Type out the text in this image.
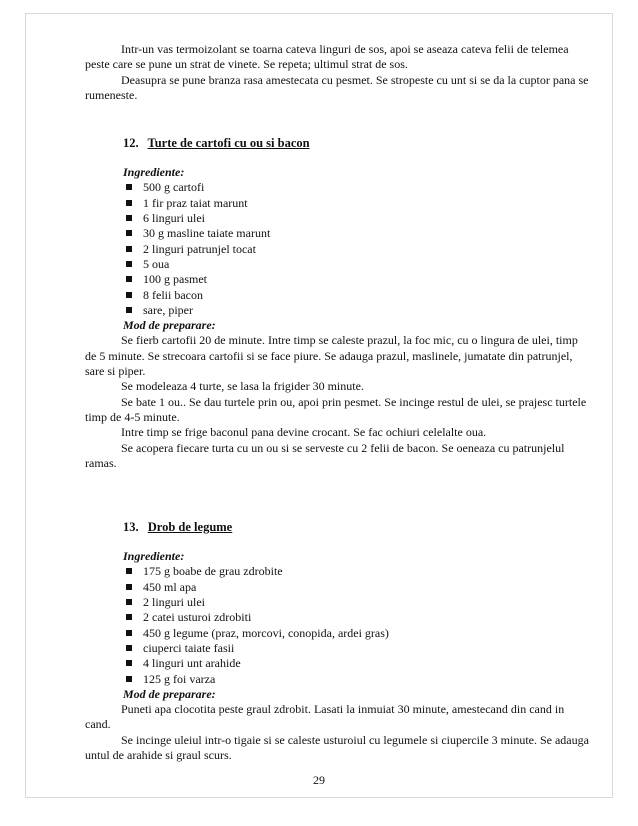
Intr-un vas termoizolant se toarna cateva linguri de sos, apoi se aseaza cateva felii de telemea peste care se pune un strat de vinete. Se repeta; ultimul strat de sos.

Deasupra se pune branza rasa amestecata cu pesmet. Se stropeste cu unt si se da la cuptor pana se rumeneste.

12. Turte de cartofi cu ou si bacon
Ingrediente:
500 g cartofi
1 fir praz taiat marunt
6 linguri ulei
30 g masline taiate marunt
2 linguri patrunjel tocat
5 oua
100 g pasmet
8 felii bacon
sare, piper
Mod de preparare:

Se fierb cartofii 20 de minute. Intre timp se caleste prazul, la foc mic, cu o lingura de ulei, timp de 5 minute. Se strecoara cartofii si se face piure. Se adauga prazul, maslinele, jumatate din patrunjel, sare si piper.

Se modeleaza 4 turte, se lasa la frigider 30 minute.

Se bate 1 ou.. Se dau turtele prin ou, apoi prin pesmet. Se incinge restul de ulei, se prajesc turtele timp de 4-5 minute.

Intre timp se frige baconul pana devine crocant. Se fac ochiuri celelalte oua.

Se acopera fiecare turta cu un ou si se serveste cu 2 felii de bacon. Se oeneaza cu patrunjelul ramas.

13. Drob de legume
Ingrediente:
175 g boabe de grau zdrobite
450 ml apa
2 linguri ulei
2 catei usturoi zdrobiti
450 g legume (praz, morcovi, conopida, ardei gras)
ciuperci taiate fasii
4 linguri unt arahide
125 g foi varza
Mod de preparare:

Puneti apa clocotita peste graul zdrobit. Lasati la inmuiat 30 minute, amestecand din cand in cand.

Se incinge uleiul intr-o tigaie si se caleste usturoiul cu legumele si ciupercile 3 minute. Se adauga untul de arahide si graul scurs.

29
